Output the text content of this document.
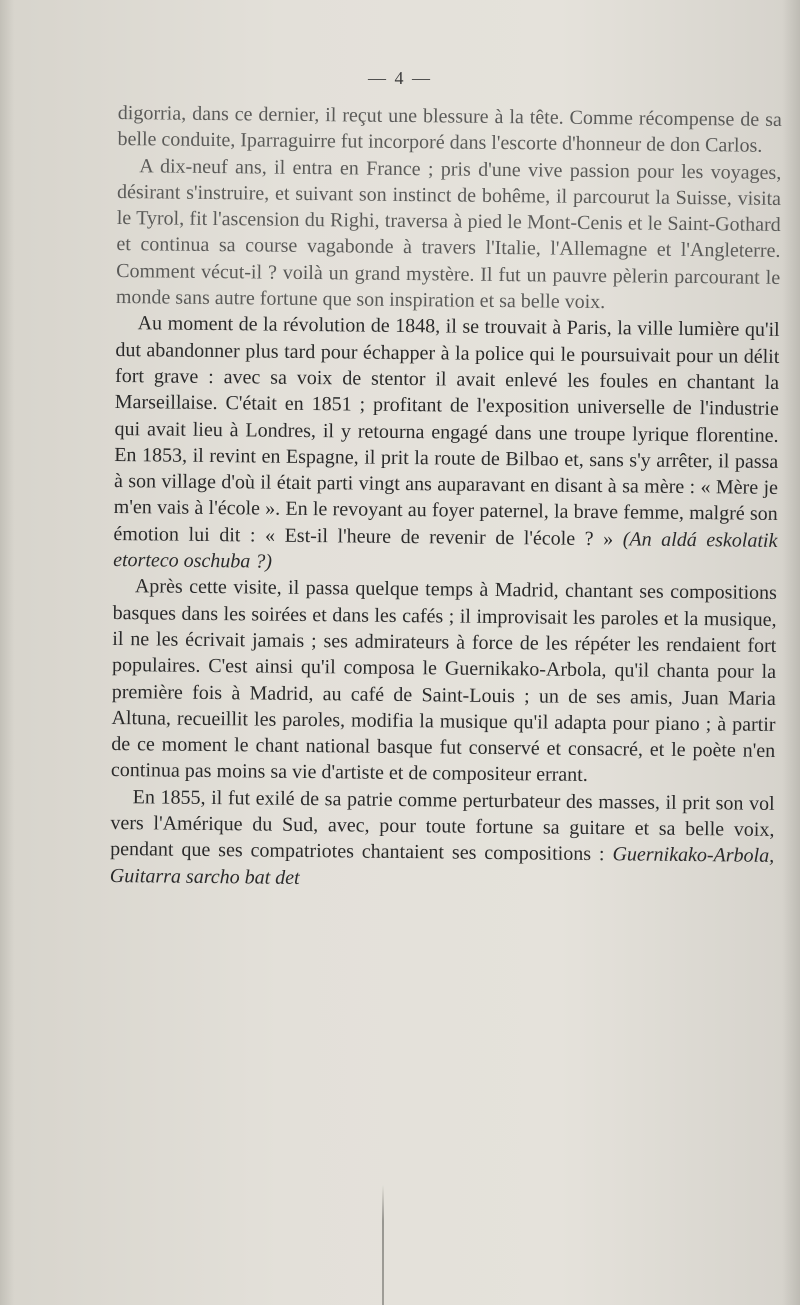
— 4 —

digorria, dans ce dernier, il reçut une blessure à la tête. Comme récompense de sa belle conduite, Iparraguirre fut incorporé dans l'escorte d'honneur de don Carlos.

A dix-neuf ans, il entra en France ; pris d'une vive passion pour les voyages, désirant s'instruire, et suivant son instinct de bohême, il parcourut la Suisse, visita le Tyrol, fit l'ascension du Righi, traversa à pied le Mont-Cenis et le Saint-Gothard et continua sa course vagabonde à travers l'Italie, l'Allemagne et l'Angleterre. Comment vécut-il ? voilà un grand mystère. Il fut un pauvre pèlerin parcourant le monde sans autre fortune que son inspiration et sa belle voix.

Au moment de la révolution de 1848, il se trouvait à Paris, la ville lumière qu'il dut abandonner plus tard pour échapper à la police qui le poursuivait pour un délit fort grave : avec sa voix de stentor il avait enlevé les foules en chantant la Marseillaise. C'était en 1851 ; profitant de l'exposition universelle de l'industrie qui avait lieu à Londres, il y retourna engagé dans une troupe lyrique florentine. En 1853, il revint en Espagne, il prit la route de Bilbao et, sans s'y arrêter, il passa à son village d'où il était parti vingt ans auparavant en disant à sa mère : « Mère je m'en vais à l'école ». En le revoyant au foyer paternel, la brave femme, malgré son émotion lui dit : « Est-il l'heure de revenir de l'école ? » (An aldá eskolatik etorteco oschuba ?)

Après cette visite, il passa quelque temps à Madrid, chantant ses compositions basques dans les soirées et dans les cafés ; il improvisait les paroles et la musique, il ne les écrivait jamais ; ses admirateurs à force de les répéter les rendaient fort populaires. C'est ainsi qu'il composa le Guernikako-Arbola, qu'il chanta pour la première fois à Madrid, au café de Saint-Louis ; un de ses amis, Juan Maria Altuna, recueillit les paroles, modifia la musique qu'il adapta pour piano ; à partir de ce moment le chant national basque fut conservé et consacré, et le poète n'en continua pas moins sa vie d'artiste et de compositeur errant.

En 1855, il fut exilé de sa patrie comme perturbateur des masses, il prit son vol vers l'Amérique du Sud, avec, pour toute fortune sa guitare et sa belle voix, pendant que ses compatriotes chantaient ses compositions : Guernikako-Arbola, Guitarra sarcho bat det
